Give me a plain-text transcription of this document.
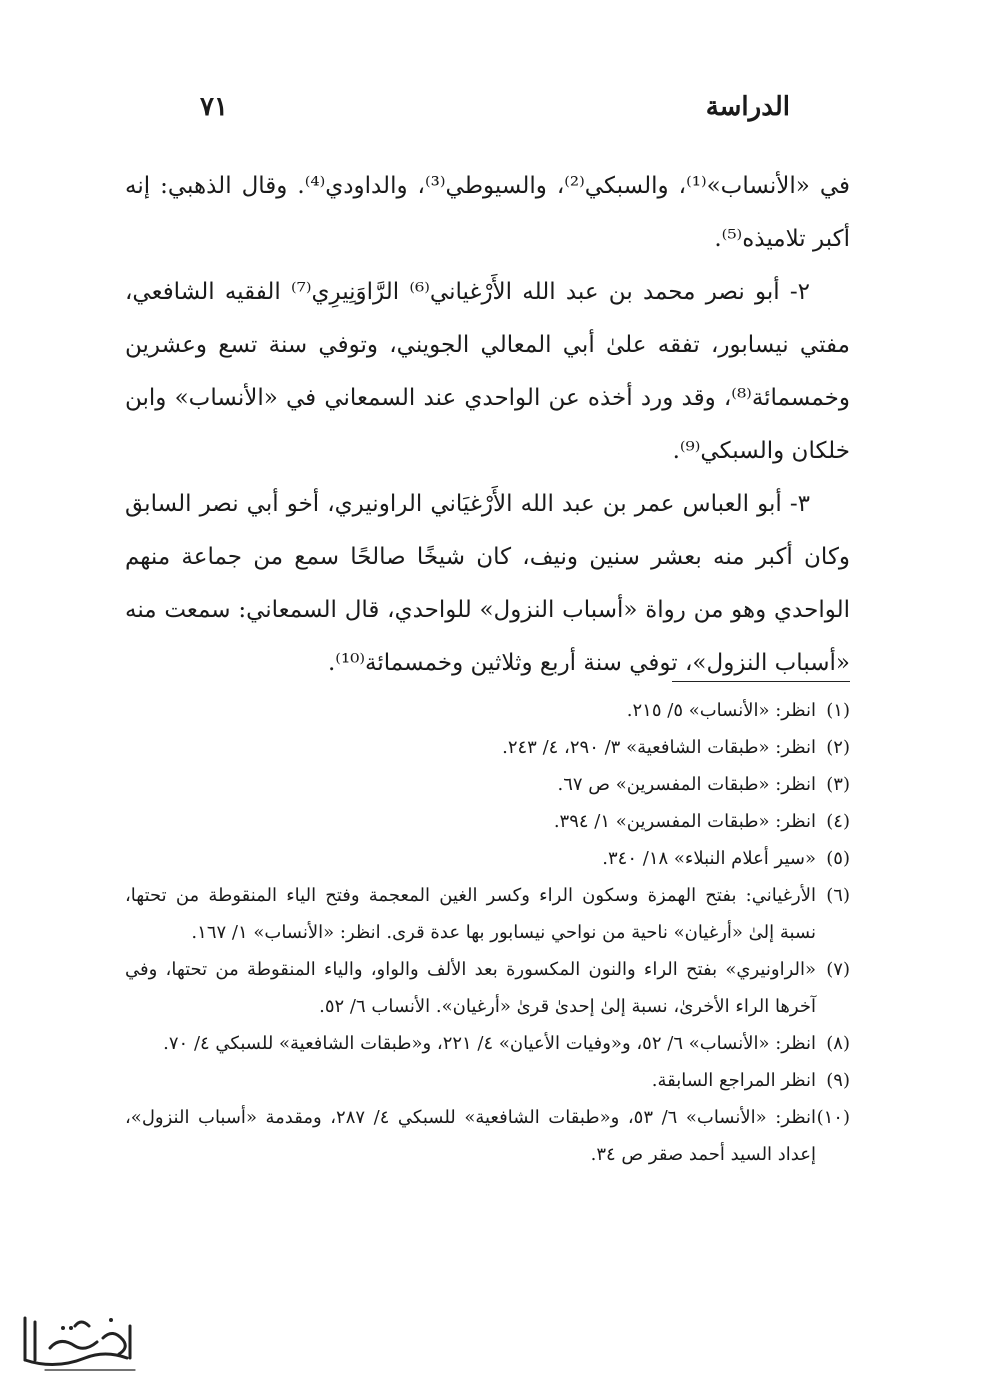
الدراسة
٧١

في «الأنساب»⁽¹⁾، والسبكي⁽²⁾، والسيوطي⁽³⁾، والداودي⁽⁴⁾. وقال الذهبي: إنه أكبر تلاميذه⁽⁵⁾.

٢- أبو نصر محمد بن عبد الله الأَرْغياني⁽⁶⁾ الرَّاوَنِيرِي⁽⁷⁾ الفقيه الشافعي، مفتي نيسابور، تفقه علىٰ أبي المعالي الجويني، وتوفي سنة تسع وعشرين وخمسمائة⁽⁸⁾، وقد ورد أخذه عن الواحدي عند السمعاني في «الأنساب» وابن خلكان والسبكي⁽⁹⁾.

٣- أبو العباس عمر بن عبد الله الأَرْغيَاني الراونيري، أخو أبي نصر السابق وكان أكبر منه بعشر سنين ونيف، كان شيخًا صالحًا سمع من جماعة منهم الواحدي وهو من رواة «أسباب النزول» للواحدي، قال السمعاني: سمعت منه «أسباب النزول»، توفي سنة أربع وثلاثين وخمسمائة⁽¹⁰⁾.

(١)
انظر: «الأنساب» ٥/ ٢١٥.
(٢)
انظر: «طبقات الشافعية» ٣/ ٢٩٠، ٤/ ٢٤٣.
(٣)
انظر: «طبقات المفسرين» ص ٦٧.
(٤)
انظر: «طبقات المفسرين» ١/ ٣٩٤.
(٥)
«سير أعلام النبلاء» ١٨/ ٣٤٠.
(٦)
الأرغياني: بفتح الهمزة وسكون الراء وكسر الغين المعجمة وفتح الياء المنقوطة من تحتها، نسبة إلىٰ «أرغيان» ناحية من نواحي نيسابور بها عدة قرى. انظر: «الأنساب» ١/ ١٦٧.
(٧)
«الراونيري» بفتح الراء والنون المكسورة بعد الألف والواو، والياء المنقوطة من تحتها، وفي آخرها الراء الأخرىٰ، نسبة إلىٰ إحدىٰ قرىٰ «أرغيان». الأنساب ٦/ ٥٢.
(٨)
انظر: «الأنساب» ٦/ ٥٢، و«وفيات الأعيان» ٤/ ٢٢١، و«طبقات الشافعية» للسبكي ٤/ ٧٠.
(٩)
انظر المراجع السابقة.
(١٠)
انظر: «الأنساب» ٦/ ٥٣، و«طبقات الشافعية» للسبكي ٤/ ٢٨٧، ومقدمة «أسباب النزول»، إعداد السيد أحمد صقر ص ٣٤.
